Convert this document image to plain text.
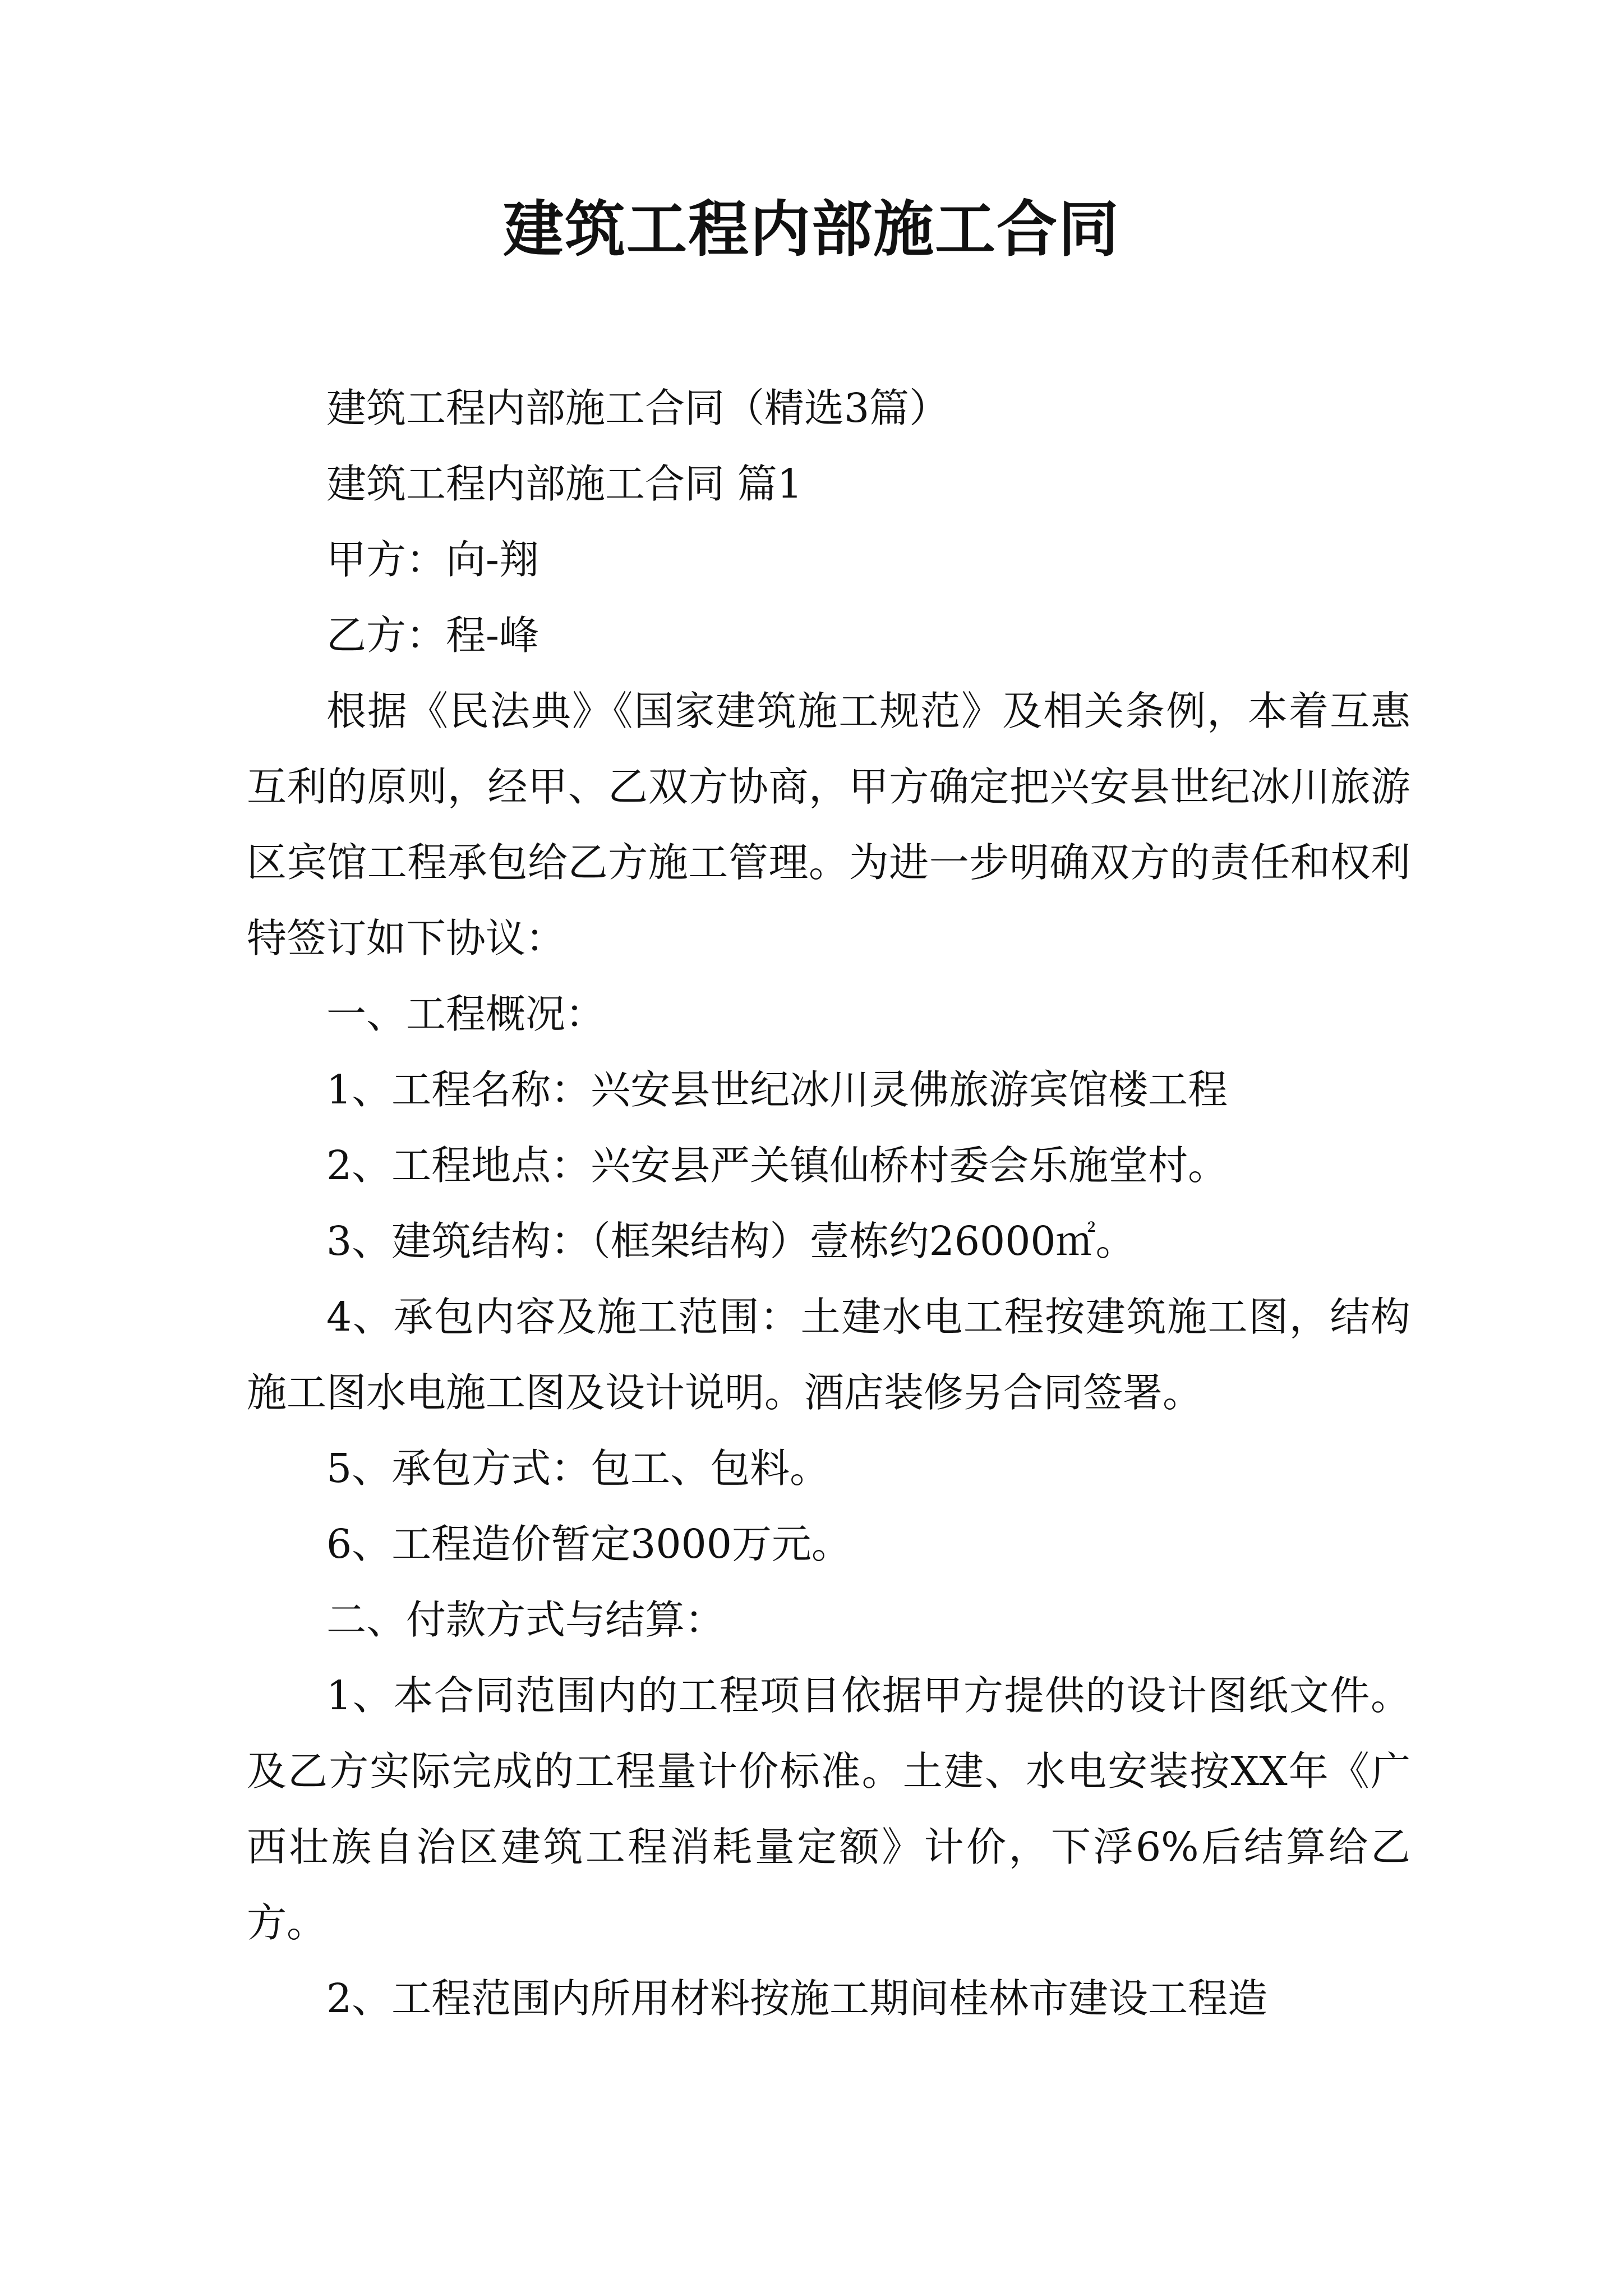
建筑工程内部施工合同

建筑工程内部施工合同（精选3篇）

建筑工程内部施工合同 篇1

甲方：向-翔

乙方：程-峰

根据《民法典》《国家建筑施工规范》及相关条例，本着互惠互利的原则，经甲、乙双方协商，甲方确定把兴安县世纪冰川旅游区宾馆工程承包给乙方施工管理。为进一步明确双方的责任和权利特签订如下协议：

一、工程概况：

1、工程名称：兴安县世纪冰川灵佛旅游宾馆楼工程

2、工程地点：兴安县严关镇仙桥村委会乐施堂村。

3、建筑结构：（框架结构）壹栋约26000㎡。

4、承包内容及施工范围：土建水电工程按建筑施工图，结构施工图水电施工图及设计说明。酒店装修另合同签署。

5、承包方式：包工、包料。

6、工程造价暂定3000万元。

二、付款方式与结算：

1、本合同范围内的工程项目依据甲方提供的设计图纸文件。及乙方实际完成的工程量计价标准。土建、水电安装按XX年《广西壮族自治区建筑工程消耗量定额》计价，下浮6%后结算给乙方。

2、工程范围内所用材料按施工期间桂林市建设工程造
